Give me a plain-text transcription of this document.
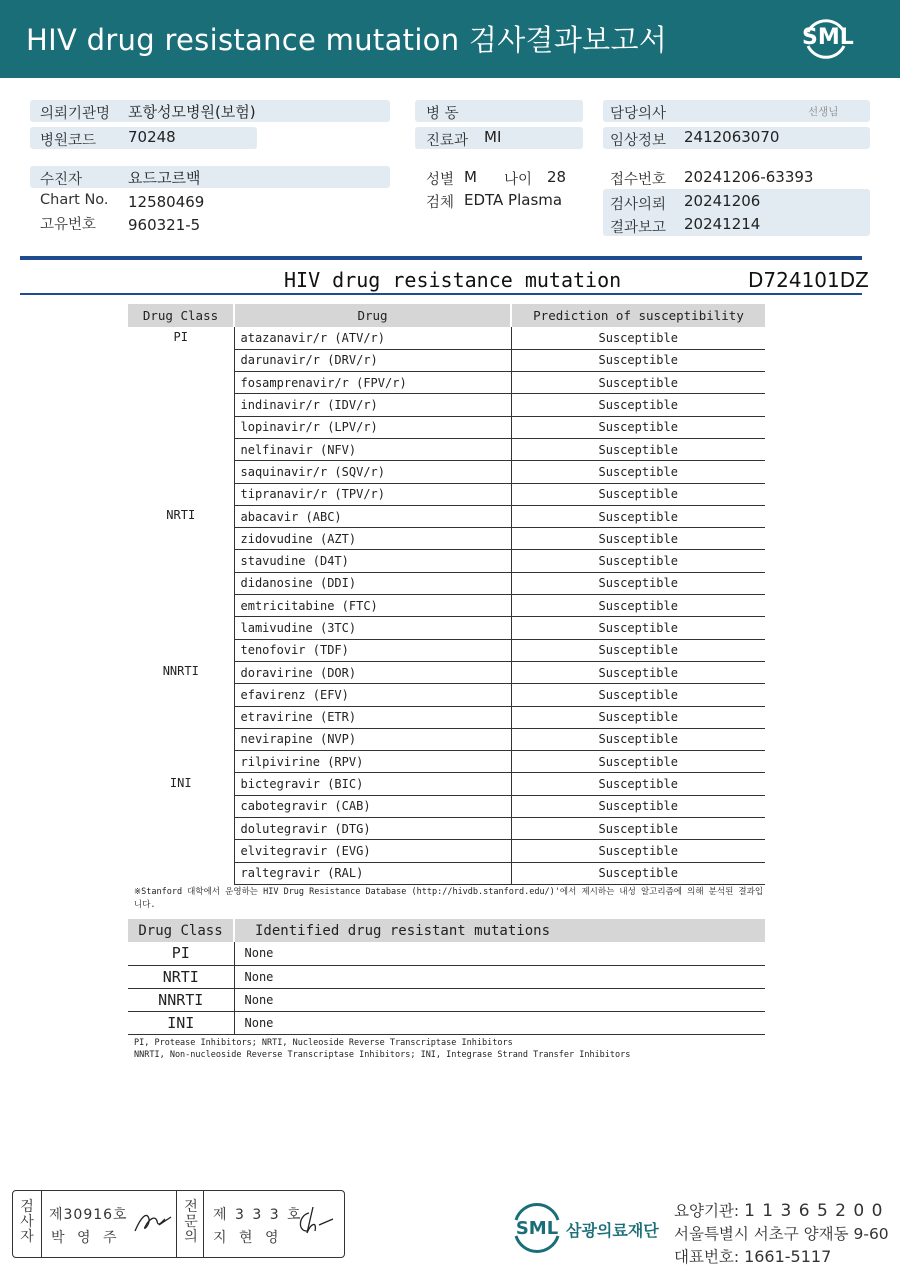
HIV drug resistance mutation 검사결과보고서	SML
의뢰기관명 포항성모병원(보험)
병원코드 70248
병 동
진료과 MI
담당의사	선생님
임상정보 2412063070
수진자	요드고르백
Chart No. 12580469
고유번호 960321-5
성별 M 나이 28
검체 EDTA Plasma
접수번호 20241206-63393
검사의뢰 20241206
결과보고 20241214
HIV drug resistance mutation	D724101DZ
Drug Class	Drug	Prediction of susceptibility
PI	atazanavir/r (ATV/r)	Susceptible
	darunavir/r (DRV/r)	Susceptible
	fosamprenavir/r (FPV/r)	Susceptible
	indinavir/r (IDV/r)	Susceptible
	lopinavir/r (LPV/r)	Susceptible
	nelfinavir (NFV)	Susceptible
	saquinavir/r (SQV/r)	Susceptible
	tipranavir/r (TPV/r)	Susceptible
NRTI	abacavir (ABC)	Susceptible
	zidovudine (AZT)	Susceptible
	stavudine (D4T)	Susceptible
	didanosine (DDI)	Susceptible
	emtricitabine (FTC)	Susceptible
	lamivudine (3TC)	Susceptible
	tenofovir (TDF)	Susceptible
NNRTI	doravirine (DOR)	Susceptible
	efavirenz (EFV)	Susceptible
	etravirine (ETR)	Susceptible
	nevirapine (NVP)	Susceptible
	rilpivirine (RPV)	Susceptible
INI	bictegravir (BIC)	Susceptible
	cabotegravir (CAB)	Susceptible
	dolutegravir (DTG)	Susceptible
	elvitegravir (EVG)	Susceptible
	raltegravir (RAL)	Susceptible
※Stanford 대학에서 운영하는 HIV Drug Resistance Database (http://hivdb.stanford.edu/)'에서 제시하는 내성 알고리즘에 의해 분석된 결과입니다.
Drug Class	Identified drug resistant mutations
PI	None
NRTI	None
NNRTI	None
INI	None
PI, Protease Inhibitors; NRTI, Nucleoside Reverse Transcriptase Inhibitors
NNRTI, Non-nucleoside Reverse Transcriptase Inhibitors; INI, Integrase Strand Transfer Inhibitors
검
사
자
제30916호
박 영 주
전
문
의
제 3 3 3 호
지 현 영	SML 삼광의료재단
요양기관: 1 1 3 6 5 2 0 0
서울특별시 서초구 양재동 9-60
대표번호: 1661-5117
